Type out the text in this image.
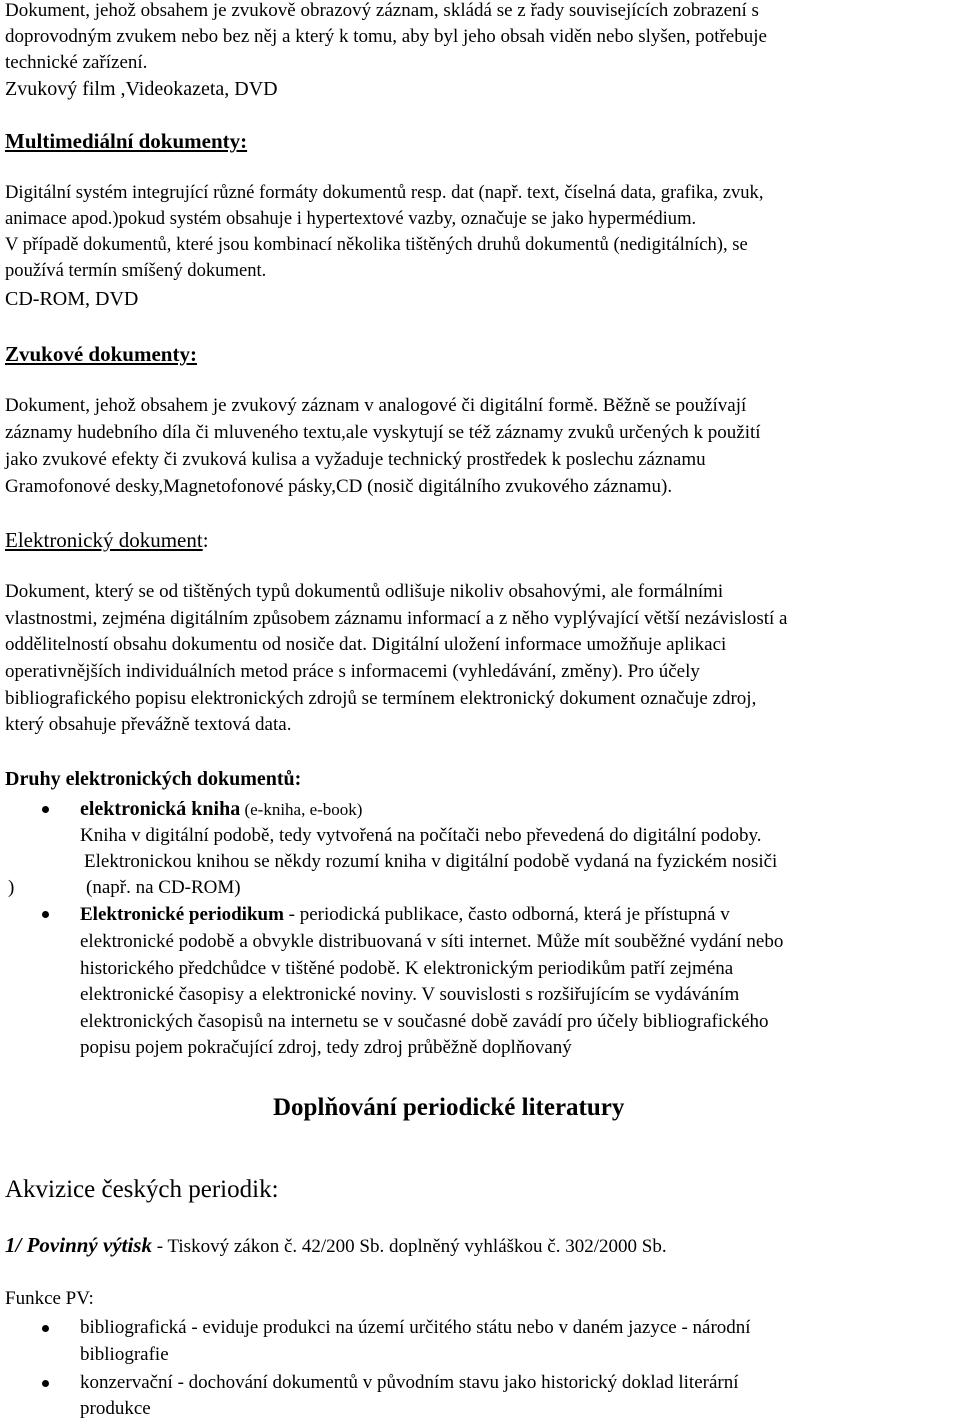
Dokument, jehož obsahem je zvukově obrazový záznam, skládá se z řady souvisejících zobrazení s
doprovodným zvukem nebo bez něj a který k tomu, aby byl jeho obsah viděn nebo slyšen, potřebuje
technické zařízení.
Zvukový film ,Videokazeta, DVD
Multimediální dokumenty:
Digitální systém integrující různé formáty dokumentů resp. dat (např. text, číselná data, grafika, zvuk,
animace apod.)pokud systém obsahuje i hypertextové vazby, označuje se jako hypermédium.
V případě dokumentů, které jsou kombinací několika tištěných druhů dokumentů (nedigitálních), se
používá termín smíšený dokument.
CD-ROM, DVD
Zvukové dokumenty:
Dokument, jehož obsahem je zvukový záznam v analogové či digitální formě. Běžně se používají
záznamy hudebního díla či mluveného textu,ale vyskytují se též záznamy zvuků určených k použití
jako zvukové efekty či zvuková kulisa a vyžaduje technický prostředek k poslechu záznamu
Gramofonové desky,Magnetofonové pásky,CD (nosič digitálního zvukového záznamu).
Elektronický dokument:
Dokument, který se od tištěných typů dokumentů odlišuje nikoliv obsahovými, ale formálními
vlastnostmi, zejména digitálním způsobem záznamu informací a z něho vyplývající větší nezávislostí a
oddělitelností obsahu dokumentu od nosiče dat. Digitální uložení informace umožňuje aplikaci
operativnějších individuálních metod práce s informacemi (vyhledávání, změny). Pro účely
bibliografického popisu elektronických zdrojů se termínem elektronický dokument označuje zdroj,
který obsahuje převážně textová data.
Druhy elektronických dokumentů:
elektronická kniha (e-kniha, e-book)
Kniha v digitální podobě, tedy vytvořená na počítači nebo převedená do digitální podoby.
Elektronickou knihou se někdy rozumí kniha v digitální podobě vydaná na fyzickém nosiči
)	(např. na CD-ROM)
Elektronické periodikum - periodická publikace, často odborná, která je přístupná v
elektronické podobě a obvykle distribuovaná v síti internet. Může mít souběžné vydání nebo
historického předchůdce v tištěné podobě. K elektronickým periodikům patří zejména
elektronické časopisy a elektronické noviny. V souvislosti s rozšiřujícím se vydáváním
elektronických časopisů na internetu se v současné době zavádí pro účely bibliografického
popisu pojem pokračující zdroj, tedy zdroj průběžně doplňovaný
Doplňování periodické literatury
Akvizice českých periodik:
1/ Povinný výtisk - Tiskový zákon č. 42/200 Sb. doplněný vyhláškou č. 302/2000 Sb.
Funkce PV:
bibliografická - eviduje produkci na území určitého státu nebo v daném jazyce - národní
bibliografie
konzervační - dochování dokumentů v původním stavu jako historický doklad literární
produkce
